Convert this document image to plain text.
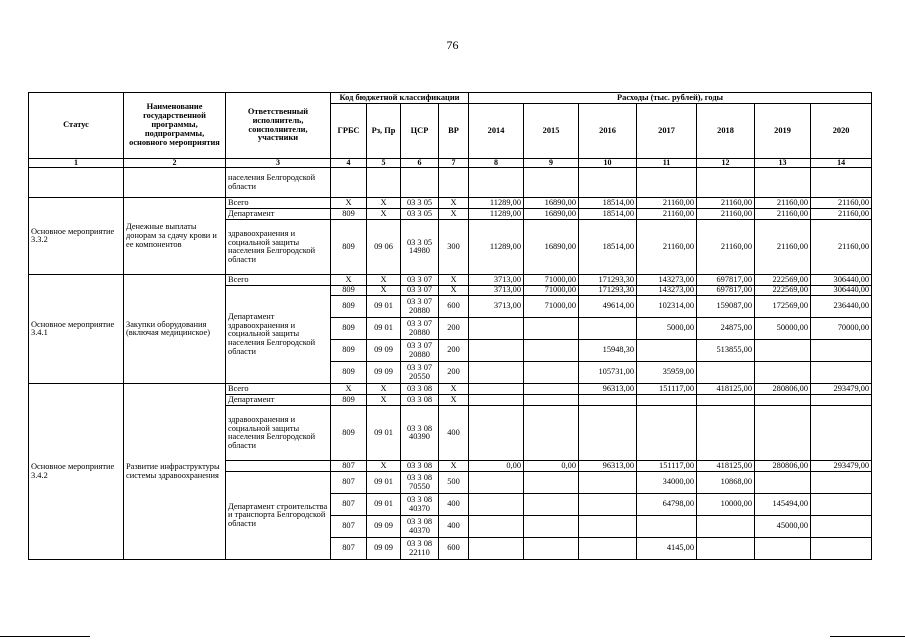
76
Статус	Наименование государственной программы, подпрограммы, основного мероприятия	Ответственный исполнитель, соисполнители, участники	Код бюджетной классификации				Расходы (тыс. рублей), годы						
			ГРБС	Рз, Пр	ЦСР	ВР	2014	2015	2016	2017	2018	2019	2020
1	2	3	4	5	6	7	8	9	10	11	12	13	14
		населения Белгородской области											
Основное мероприятие 3.3.2	Денежные выплаты донорам за сдачу крови и ее компонентов	Всего	X	X	03 3 05	X	11289,00	16890,00	18514,00	21160,00	21160,00	21160,00	21160,00
		Департамент	809	X	03 3 05	X	11289,00	16890,00	18514,00	21160,00	21160,00	21160,00	21160,00
		здравоохранения и социальной защиты населения Белгородской области	809	09 06	03 3 05 14980	300	11289,00	16890,00	18514,00	21160,00	21160,00	21160,00	21160,00
Основное мероприятие 3.4.1	Закупки оборудования (включая медицинское)	Всего	X	X	03 3 07	X	3713,00	71000,00	171293,30	143273,00	697817,00	222569,00	306440,00
		Департамент здравоохранения и социальной защиты населения Белгородской области	809	X	03 3 07	X	3713,00	71000,00	171293,30	143273,00	697817,00	222569,00	306440,00
			809	09 01	03 3 07 20880	600	3713,00	71000,00	49614,00	102314,00	159087,00	172569,00	236440,00
			809	09 01	03 3 07 20880	200				5000,00	24875,00	50000,00	70000,00
			809	09 09	03 3 07 20880	200			15948,30		513855,00		
			809	09 09	03 3 07 20550	200			105731,00	35959,00			
Основное мероприятие 3.4.2	Развитие инфраструктуры системы здравоохранения	Всего	X	X	03 3 08	X			96313,00	151117,00	418125,00	280806,00	293479,00
		Департамент	809	X	03 3 08	X							
		здравоохранения и социальной защиты населения Белгородской области	809	09 01	03 3 08 40390	400							
			807	X	03 3 08	X	0,00	0,00	96313,00	151117,00	418125,00	280806,00	293479,00
		Департамент строительства и транспорта Белгородской области	807	09 01	03 3 08 70550	500				34000,00	10868,00		
			807	09 01	03 3 08 40370	400				64798,00	10000,00	145494,00	
			807	09 09	03 3 08 40370	400						45000,00	
			807	09 09	03 3 08 22110	600				4145,00			
